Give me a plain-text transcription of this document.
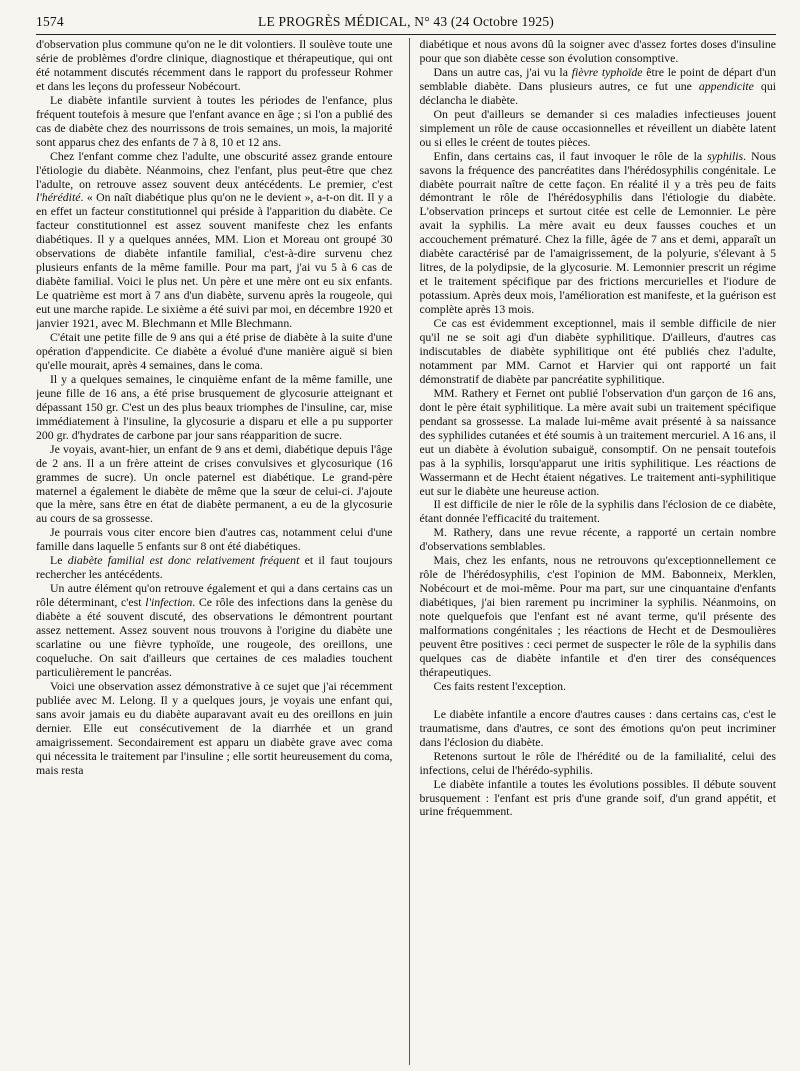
1574	LE PROGRÈS MÉDICAL, N° 43 (24 Octobre 1925)

d'observation plus commune qu'on ne le dit volontiers. Il soulève toute une série de problèmes d'ordre clinique, diagnostique et thérapeutique, qui ont été notamment discutés récemment dans le rapport du professeur Rohmer et dans les leçons du professeur Nobécourt.

Le diabète infantile survient à toutes les périodes de l'enfance, plus fréquent toutefois à mesure que l'enfant avance en âge ; si l'on a publié des cas de diabète chez des nourrissons de trois semaines, un mois, la majorité sont apparus chez des enfants de 7 à 8, 10 et 12 ans.

Chez l'enfant comme chez l'adulte, une obscurité assez grande entoure l'étiologie du diabète. Néanmoins, chez l'enfant, plus peut-être que chez l'adulte, on retrouve assez souvent deux antécédents. Le premier, c'est l'hérédité. « On naît diabétique plus qu'on ne le devient », a-t-on dit. Il y a en effet un facteur constitutionnel qui préside à l'apparition du diabète. Ce facteur constitutionnel est assez souvent manifeste chez les enfants diabétiques. Il y a quelques années, MM. Lion et Moreau ont groupé 30 observations de diabète infantile familial, c'est-à-dire survenu chez plusieurs enfants de la même famille. Pour ma part, j'ai vu 5 à 6 cas de diabète familial. Voici le plus net. Un père et une mère ont eu six enfants. Le quatrième est mort à 7 ans d'un diabète, survenu après la rougeole, qui eut une marche rapide. Le sixième a été suivi par moi, en décembre 1920 et janvier 1921, avec M. Blechmann et Mlle Blechmann.

C'était une petite fille de 9 ans qui a été prise de diabète à la suite d'une opération d'appendicite. Ce diabète a évolué d'une manière aiguë si bien qu'elle mourait, après 4 semaines, dans le coma.

Il y a quelques semaines, le cinquième enfant de la même famille, une jeune fille de 16 ans, a été prise brusquement de glycosurie atteignant et dépassant 150 gr. C'est un des plus beaux triomphes de l'insuline, car, mise immédiatement à l'insuline, la glycosurie a disparu et elle a pu supporter 200 gr. d'hydrates de carbone par jour sans réapparition de sucre.

Je voyais, avant-hier, un enfant de 9 ans et demi, diabétique depuis l'âge de 2 ans. Il a un frère atteint de crises convulsives et glycosurique (16 grammes de sucre). Un oncle paternel est diabétique. Le grand-père maternel a également le diabète de même que la sœur de celui-ci. J'ajoute que la mère, sans être en état de diabète permanent, a eu de la glycosurie au cours de sa grossesse.

Je pourrais vous citer encore bien d'autres cas, notamment celui d'une famille dans laquelle 5 enfants sur 8 ont été diabétiques.

Le diabète familial est donc relativement fréquent et il faut toujours rechercher les antécédents.

Un autre élément qu'on retrouve également et qui a dans certains cas un rôle déterminant, c'est l'infection. Ce rôle des infections dans la genèse du diabète a été souvent discuté, des observations le démontrent pourtant assez nettement. Assez souvent nous trouvons à l'origine du diabète une scarlatine ou une fièvre typhoïde, une rougeole, des oreillons, une coqueluche. On sait d'ailleurs que certaines de ces maladies touchent particulièrement le pancréas.

Voici une observation assez démonstrative à ce sujet que j'ai récemment publiée avec M. Lelong. Il y a quelques jours, je voyais une enfant qui, sans avoir jamais eu du diabète auparavant avait eu des oreillons en juin dernier. Elle eut consécutivement de la diarrhée et un grand amaigrissement. Secondairement est apparu un diabète grave avec coma qui nécessita le traitement par l'insuline ; elle sortit heureusement du coma, mais resta

diabétique et nous avons dû la soigner avec d'assez fortes doses d'insuline pour que son diabète cesse son évolution consomptive.

Dans un autre cas, j'ai vu la fièvre typhoïde être le point de départ d'un semblable diabète. Dans plusieurs autres, ce fut une appendicite qui déclancha le diabète.

On peut d'ailleurs se demander si ces maladies infectieuses jouent simplement un rôle de cause occasionnelles et réveillent un diabète latent ou si elles le créent de toutes pièces.

Enfin, dans certains cas, il faut invoquer le rôle de la syphilis. Nous savons la fréquence des pancréatites dans l'hérédosyphilis congénitale. Le diabète pourrait naître de cette façon. En réalité il y a très peu de faits démontrant le rôle de l'hérédosyphilis dans l'étiologie du diabète. L'observation princeps et surtout citée est celle de Lemonnier. Le père avait la syphilis. La mère avait eu deux fausses couches et un accouchement prématuré. Chez la fille, âgée de 7 ans et demi, apparaît un diabète caractérisé par de l'amaigrissement, de la polyurie, s'élevant à 5 litres, de la polydipsie, de la glycosurie. M. Lemonnier prescrit un régime et le traitement spécifique par des frictions mercurielles et l'iodure de potassium. Après deux mois, l'amélioration est manifeste, et la guérison est complète après 13 mois.

Ce cas est évidemment exceptionnel, mais il semble difficile de nier qu'il ne se soit agi d'un diabète syphilitique. D'ailleurs, d'autres cas indiscutables de diabète syphilitique ont été publiés chez l'adulte, notamment par MM. Carnot et Harvier qui ont rapporté un fait démonstratif de diabète par pancréatite syphilitique.

MM. Rathery et Fernet ont publié l'observation d'un garçon de 16 ans, dont le père était syphilitique. La mère avait subi un traitement spécifique pendant sa grossesse. La malade lui-même avait présenté à sa naissance des syphilides cutanées et été soumis à un traitement mercuriel. A 16 ans, il eut un diabète à évolution subaiguë, consomptif. On ne pensait toutefois pas à la syphilis, lorsqu'apparut une iritis syphilitique. Les réactions de Wassermann et de Hecht étaient négatives. Le traitement anti-syphilitique eut sur le diabète une heureuse action.

Il est difficile de nier le rôle de la syphilis dans l'éclosion de ce diabète, étant donnée l'efficacité du traitement.

M. Rathery, dans une revue récente, a rapporté un certain nombre d'observations semblables.

Mais, chez les enfants, nous ne retrouvons qu'exceptionnellement ce rôle de l'hérédosyphilis, c'est l'opinion de MM. Babonneix, Merklen, Nobécourt et de moi-même. Pour ma part, sur une cinquantaine d'enfants diabétiques, j'ai bien rarement pu incriminer la syphilis. Néanmoins, on note quelquefois que l'enfant est né avant terme, qu'il présente des malformations congénitales ; les réactions de Hecht et de Desmoulières peuvent être positives : ceci permet de suspecter le rôle de la syphilis dans quelques cas de diabète infantile et d'en tirer des conséquences thérapeutiques.

Ces faits restent l'exception.

Le diabète infantile a encore d'autres causes : dans certains cas, c'est le traumatisme, dans d'autres, ce sont des émotions qu'on peut incriminer dans l'éclosion du diabète.

Retenons surtout le rôle de l'hérédité ou de la familialité, celui des infections, celui de l'hérédo-syphilis.

Le diabète infantile a toutes les évolutions possibles. Il débute souvent brusquement : l'enfant est pris d'une grande soif, d'un grand appétit, et urine fréquemment.
